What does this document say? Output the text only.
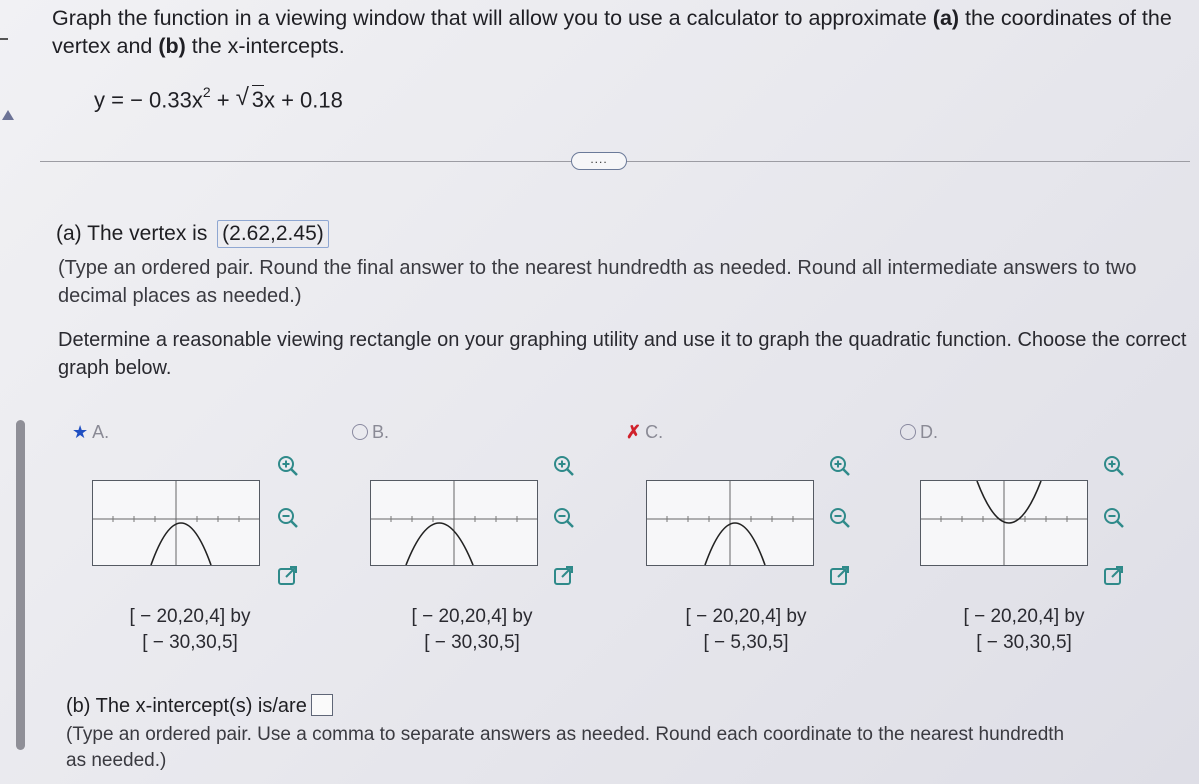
Graph the function in a viewing window that will allow you to use a calculator to approximate (a) the coordinates of the vertex and (b) the x-intercepts.
y = − $0.33x^2$ + √ 3x + 0.18
....
(a) The vertex is (2.62,2.45)
(Type an ordered pair. Round the final answer to the nearest hundredth as needed. Round all intermediate answers to two decimal places as needed.)
Determine a reasonable viewing rectangle on your graphing utility and use it to graph the quadratic function. Choose the correct graph below.
★ A.
[ − 20,20,4] by
[ − 30,30,5]
B.
[ − 20,20,4] by
[ − 30,30,5]
✗ C.
[ − 20,20,4] by
[ − 5,30,5]
D.
[ − 20,20,4] by
[ − 30,30,5]
(b) The x-intercept(s) is/are
(Type an ordered pair. Use a comma to separate answers as needed. Round each coordinate to the nearest hundredth as needed.)
